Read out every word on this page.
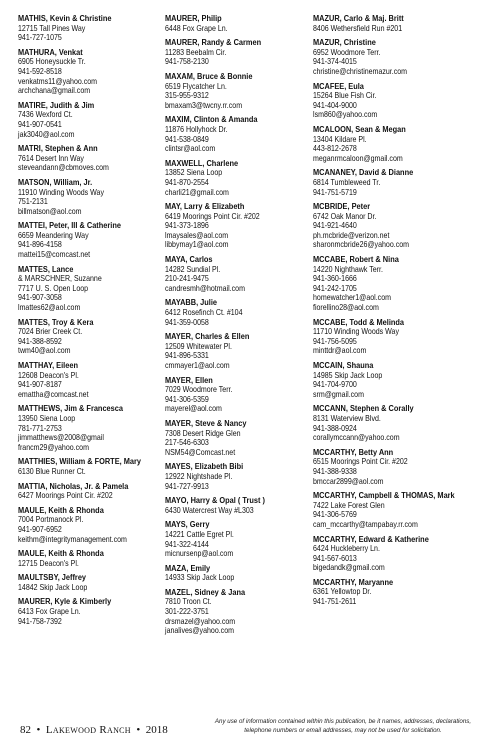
MATHIS, Kevin & Christine
12715 Tall Pines Way
941-727-1075
MATHURA, Venkat
6905 Honeysuckle Tr.
941-592-8518
venkatms11@yahoo.com
archchana@gmail.com
MATIRE, Judith & Jim
7436 Wexford Ct.
941-907-0541
jak3040@aol.com
MATRI, Stephen & Ann
7614 Desert Inn Way
steveandann@cbmoves.com
MATSON, William, Jr.
11910 Winding Woods Way
751-2131
billmatson@aol.com
MATTEI, Peter, III & Catherine
6659 Meandering Way
941-896-4158
mattei15@comcast.net
MATTES, Lance
& MARSCHNER, Suzanne
7717 U. S. Open Loop
941-907-3058
lmattes62@aol.com
MATTES, Troy & Kera
7024 Brier Creek Ct.
941-388-8592
twm40@aol.com
MATTHAY, Eileen
12608 Deacon's Pl.
941-907-8187
emattha@comcast.net
MATTHEWS, Jim & Francesca
13950 Siena Loop
781-771-2753
jimmatthews@2008@gmail
francm29@yahoo.com
MATTHIES, William & FORTE, Mary
6130 Blue Runner Ct.
MATTIA, Nicholas, Jr. & Pamela
6427 Moorings Point Cir. #202
MAULE, Keith & Rhonda
7004 Portmanock Pl.
941-907-6952
keithm@integritymanagement.com
MAULE, Keith & Rhonda
12715 Deacon's Pl.
MAULTSBY, Jeffrey
14842 Skip Jack Loop
MAURER, Kyle & Kimberly
6413 Fox Grape Ln.
941-758-7392
MAURER, Philip
6448 Fox Grape Ln.
MAURER, Randy & Carmen
11283 Beebalm Cir.
941-758-2130
MAXAM, Bruce & Bonnie
6519 Flycatcher Ln.
315-955-9312
bmaxam3@twcny.rr.com
MAXIM, Clinton & Amanda
11876 Hollyhock Dr.
941-538-0849
clintsr@aol.com
MAXWELL, Charlene
13852 Siena Loop
941-870-2554
charli21@gmail.com
MAY, Larry & Elizabeth
6419 Moorings Point Cir. #202
941-373-1896
lmaysales@aol.com
libbymay1@aol.com
MAYA, Carlos
14282 Sundial Pl.
210-241-9475
candresmh@hotmail.com
MAYABB, Julie
6412 Rosefinch Ct. #104
941-359-0058
MAYER, Charles & Ellen
12509 Whitewater Pl.
941-896-5331
cmmayer1@aol.com
MAYER, Ellen
7029 Woodmore Terr.
941-306-5359
mayerel@aol.com
MAYER, Steve & Nancy
7308 Desert Ridge Glen
217-546-6303
NSM54@Comcast.net
MAYES, Elizabeth Bibi
12922 Nightshade Pl.
941-727-9913
MAYO, Harry & Opal ( Trust )
6430 Watercrest Way #L303
MAYS, Gerry
14221 Cattle Egret Pl.
941-322-4144
micnursenp@aol.com
MAZA, Emily
14933 Skip Jack Loop
MAZEL, Sidney & Jana
7810 Troon Ct.
301-222-3751
drsmazel@yahoo.com
janalives@yahoo.com
MAZUR, Carlo & Maj. Britt
8406 Wethersfield Run #201
MAZUR, Christine
6952 Woodmore Terr.
941-374-4015
christine@christinemazur.com
MCAFEE, Eula
15264 Blue Fish Cir.
941-404-9000
lsm860@yahoo.com
MCALOON, Sean & Megan
13404 Kildare Pl.
443-812-2678
meganrmcaloon@gmail.com
MCANANEY, David & Dianne
6814 Tumbleweed Tr.
941-751-5719
MCBRIDE, Peter
6742 Oak Manor Dr.
941-921-4640
ph.mcbride@verizon.net
sharonmcbride26@yahoo.com
MCCABE, Robert & Nina
14220 Nighthawk Terr.
941-360-1666
941-242-1705
homewatcher1@aol.com
fiorellino28@aol.com
MCCABE, Todd & Melinda
11710 Winding Woods Way
941-756-5095
minttdr@aol.com
MCCAIN, Shauna
14985 Skip Jack Loop
941-704-9700
srm@gmail.com
MCCANN, Stephen & Corally
8131 Waterview Blvd.
941-388-0924
corallymccann@yahoo.com
MCCARTHY, Betty Ann
6515 Moorings Point Cir. #202
941-388-9338
bmccar2899@aol.com
MCCARTHY, Campbell & THOMAS, Mark
7422 Lake Forest Glen
941-306-5769
cam_mccarthy@tampabay.rr.com
MCCARTHY, Edward & Katherine
6424 Huckleberry Ln.
941-567-6013
bigedandk@gmail.com
MCCARTHY, Maryanne
6361 Yellowtop Dr.
941-751-2611
82 • Lakewood Ranch • 2018
Any use of information contained within this publication, be it names, addresses, declarations, telephone numbers or email addresses, may not be used for solicitation.
